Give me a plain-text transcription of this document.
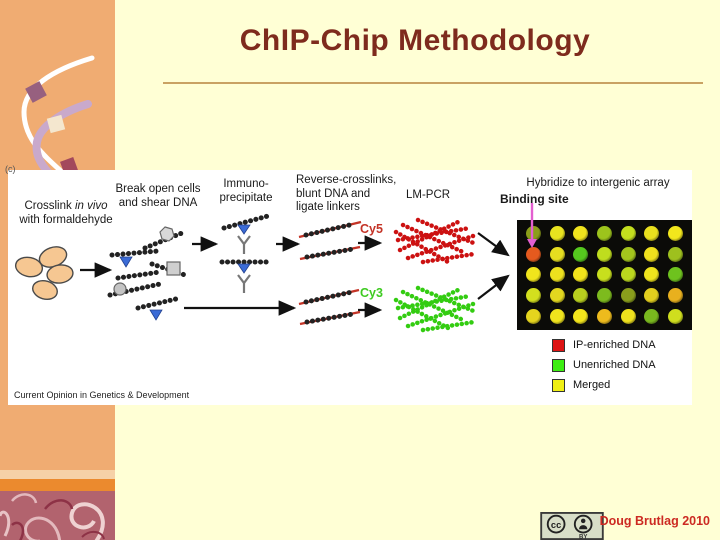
ChIP-Chip Methodology
(c)
Crosslink in vivo
with formaldehyde
Break open cells
and shear DNA
Immuno-
precipitate
Reverse-crosslinks,
blunt DNA and
ligate linkers
Cy5
Cy3
LM-PCR
Hybridize to intergenic array
Binding site
IP-enriched DNA
Unenriched DNA
Merged
Current Opinion in Genetics & Development
cc
BY
Doug Brutlag 2010
